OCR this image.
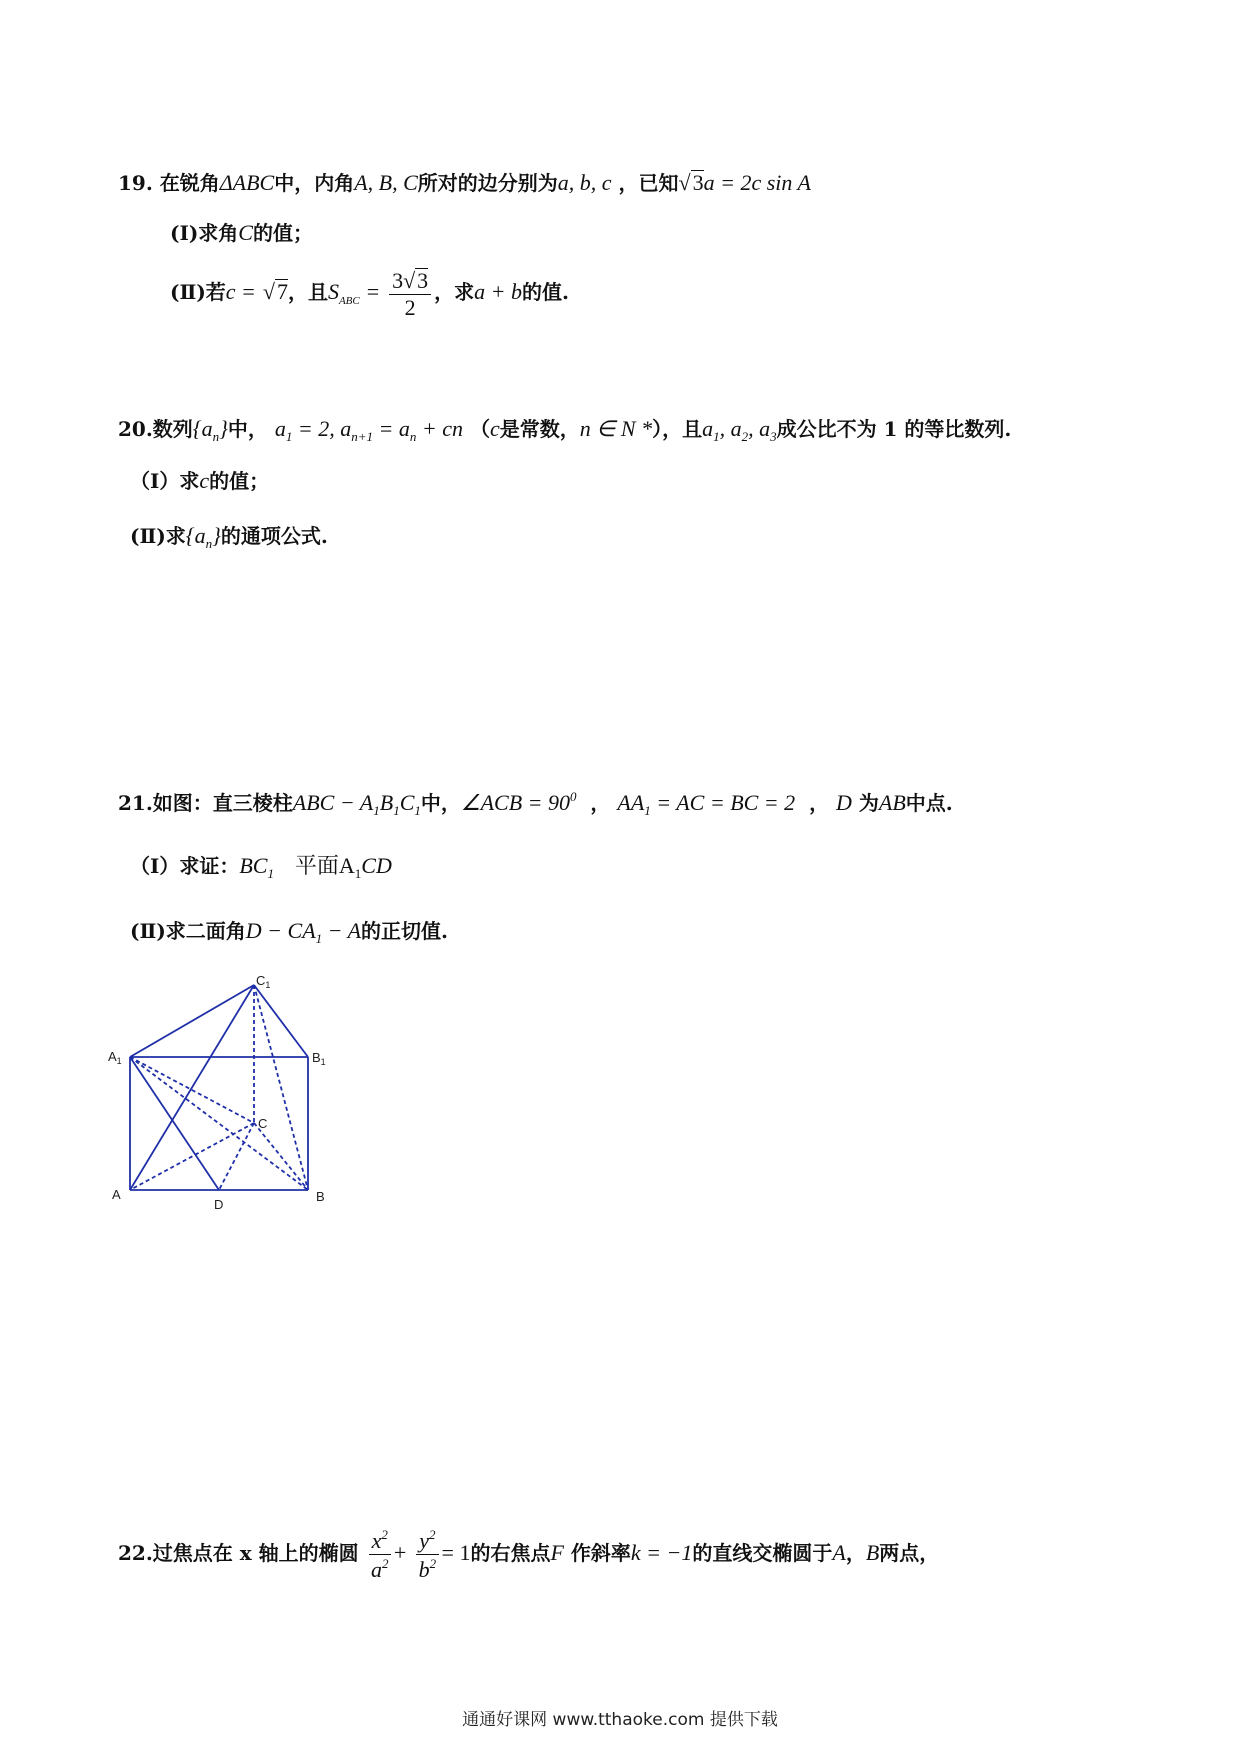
19. 在锐角ΔABC中，内角A, B, C所对的边分别为a, b, c ，已知√3a = 2c sin A
(Ⅰ)求角C的值；
(Ⅱ)若c = √7，且$S_{ABC} = \frac{3√3}{2}$ ，求a + b的值.
20.数列$\{a_n\}$中， $a_1 = 2$, $a_{n+1} = a_n$ + cn （c是常数，n ∈ N *），且$a_1$, $a_2$, $a_3$成公比不为 1 的等比数列.
（Ⅰ）求c的值；
(Ⅱ)求$\{a_n\}$的通项公式.
21.如图：直三棱柱ABC − $A_1B_1C_1$中，∠ACB = $90^0$  ， $AA_1$ = AC = BC = 2  ， D 为AB中点.
（Ⅰ）求证：$BC_1$ 平面$A_1CD$
(Ⅱ)求二面角$D - CA_1 - A$的正切值.
$C_1$
$A_1$	$B_1$
C
A
D
B
22.过焦点在 x 轴上的椭圆 $\frac{x^2}{a^2} + \frac{y^2}{b^2} = 1$的右焦点F 作斜率k = −1的直线交椭圆于A，B两点，
通通好课网 www.tthaoke.com 提供下载
